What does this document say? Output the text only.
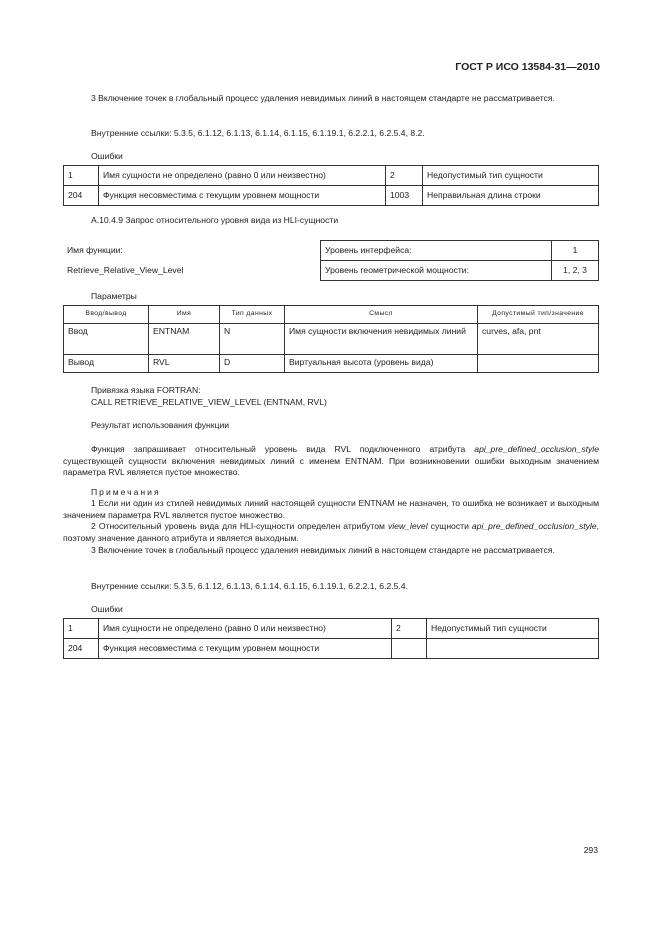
ГОСТ Р ИСО 13584-31—2010
3 Включение точек в глобальный процесс удаления невидимых линий в настоящем стандарте не рассматривается.
Внутренние ссылки: 5.3.5, 6.1.12, 6.1.13, 6.1.14, 6.1.15, 6.1.19.1, 6.2.2.1, 6.2.5.4, 8.2.
Ошибки
1	Имя сущности не определено (равно 0 или неизвестно)	2	Недопустимый тип сущности
204	Функция несовместима с текущим уровнем мощности	1003	Неправильная длина строки
А.10.4.9 Запрос относительного уровня вида из HLI-сущности
Имя функции:
Retrieve_Relative_View_Level
Уровень интерфейса:	1
Уровень геометрической мощности:	1, 2, 3
Параметры
Ввод/вывод	Имя	Тип данных	Смысл	Допустимый тип/значение
Ввод	ENTNAM	N	Имя сущности включения невидимых линий	curves, afa, pnt
Вывод	RVL	D	Виртуальная высота (уровень вида)	
Привязка языка FORTRAN:
CALL RETRIEVE_RELATIVE_VIEW_LEVEL (ENTNAM, RVL)
Результат использования функции
Функция запрашивает относительный уровень вида RVL подключенного атрибута api_pre_defined_occlusion_style существующей сущности включения невидимых линий с именем ENTNAM. При возникновении ошибки выходным значением параметра RVL является пустое множество.
Примечания
1 Если ни один из стилей невидимых линий настоящей сущности ENTNAM не назначен, то ошибка не возникает и выходным значением параметра RVL является пустое множество.
2 Относительный уровень вида для HLI-сущности определен атрибутом view_level сущности api_pre_defined_occlusion_style, поэтому значение данного атрибута и является выходным.
3 Включение точек в глобальный процесс удаления невидимых линий в настоящем стандарте не рассматривается.
Внутренние ссылки: 5.3.5, 6.1.12, 6.1.13, 6.1.14, 6.1.15, 6.1.19.1, 6.2.2.1, 6.2.5.4.
Ошибки
1	Имя сущности не определено (равно 0 или неизвестно)	2	Недопустимый тип сущности
204	Функция несовместима с текущим уровнем мощности		
293
